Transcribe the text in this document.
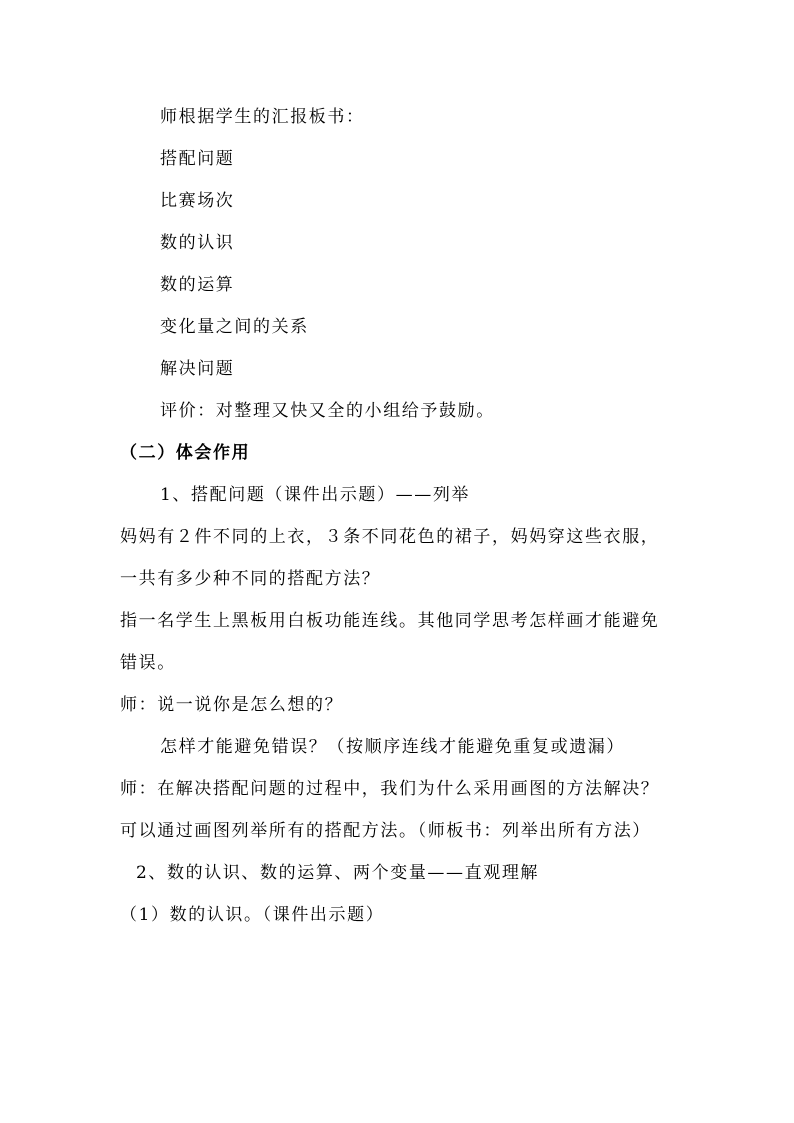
师根据学生的汇报板书：
搭配问题
比赛场次
数的认识
数的运算
变化量之间的关系
解决问题
评价：对整理又快又全的小组给予鼓励。
（二）体会作用
1、搭配问题（课件出示题）——列举
妈妈有２件不同的上衣，３条不同花色的裙子，妈妈穿这些衣服，
一共有多少种不同的搭配方法？
指一名学生上黑板用白板功能连线。其他同学思考怎样画才能避免
错误。
师：说一说你是怎么想的？
怎样才能避免错误？（按顺序连线才能避免重复或遗漏）
师：在解决搭配问题的过程中，我们为什么采用画图的方法解决？
可以通过画图列举所有的搭配方法。（师板书：列举出所有方法）
2、数的认识、数的运算、两个变量——直观理解
（1）数的认识。（课件出示题）
